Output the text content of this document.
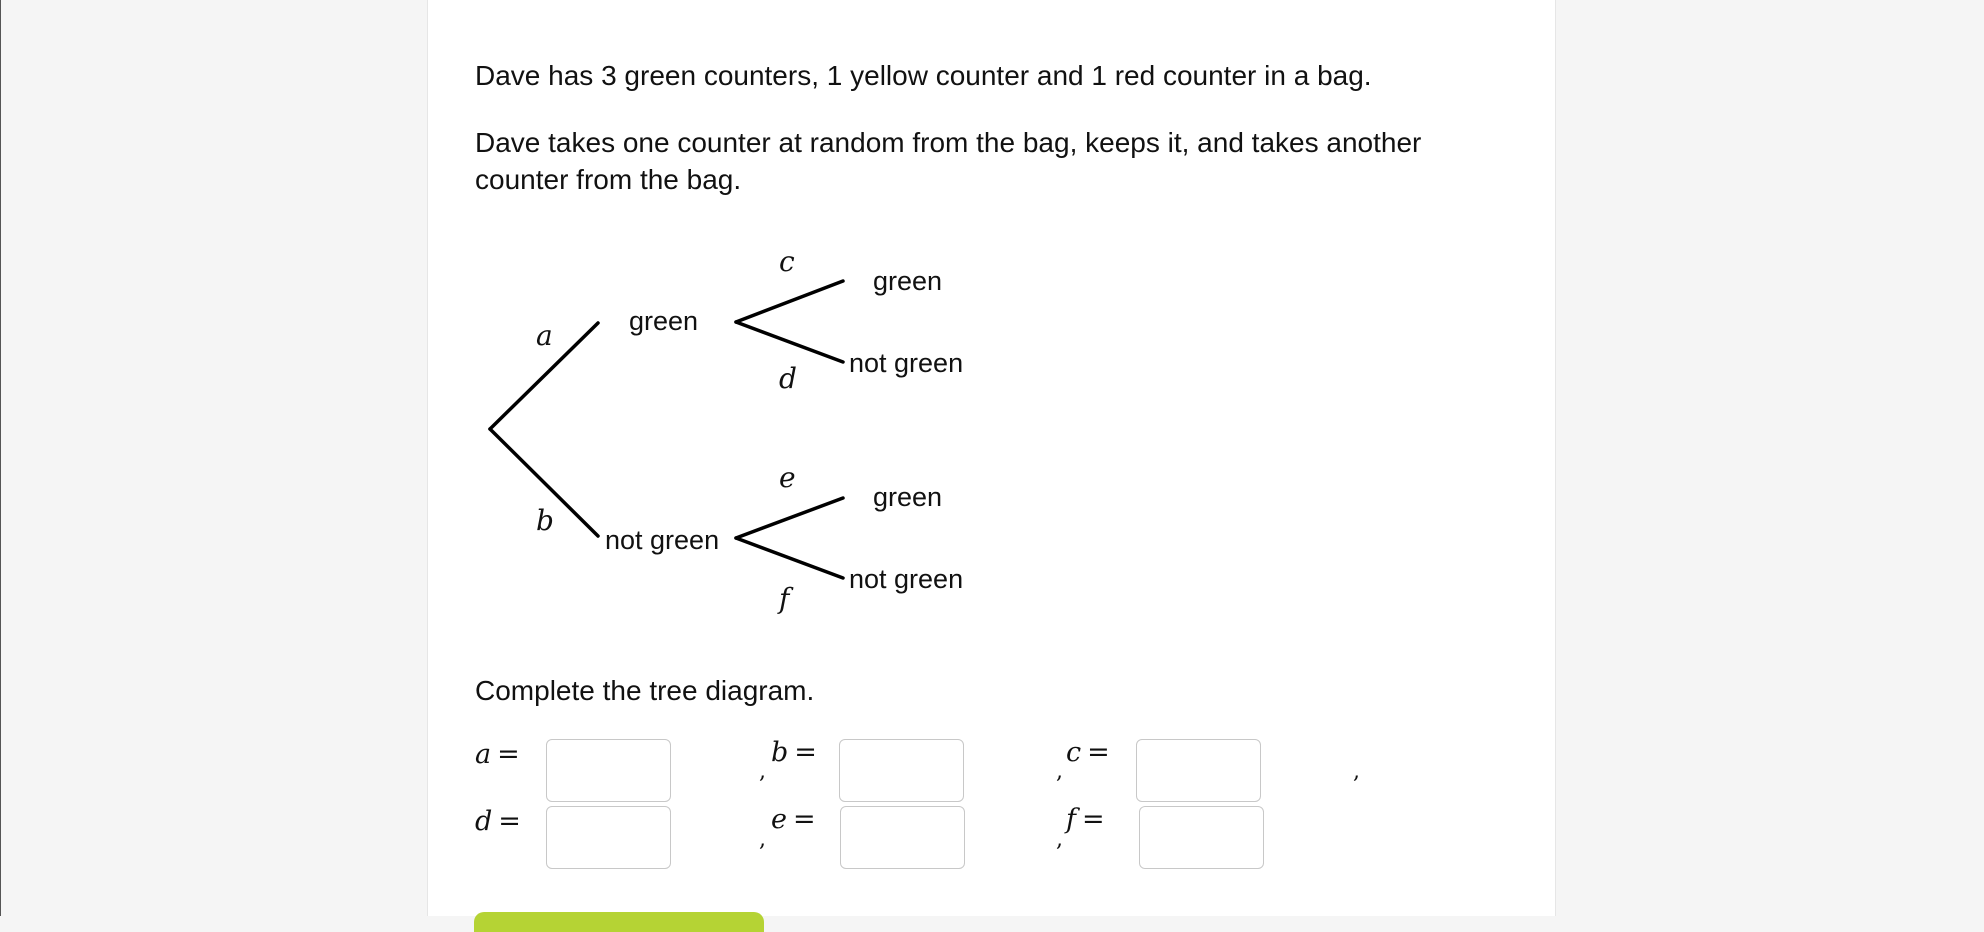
Dave has 3 green counters, 1 yellow counter and 1 red counter in a bag.

Dave takes one counter at random from the bag, keeps it, and takes another counter from the bag.

green
not green
green
not green
green
not green
a
b
c
d
e
f

Complete the tree diagram.

a =
,
b =
,
c =
,
d =
,
e =
,
f =
